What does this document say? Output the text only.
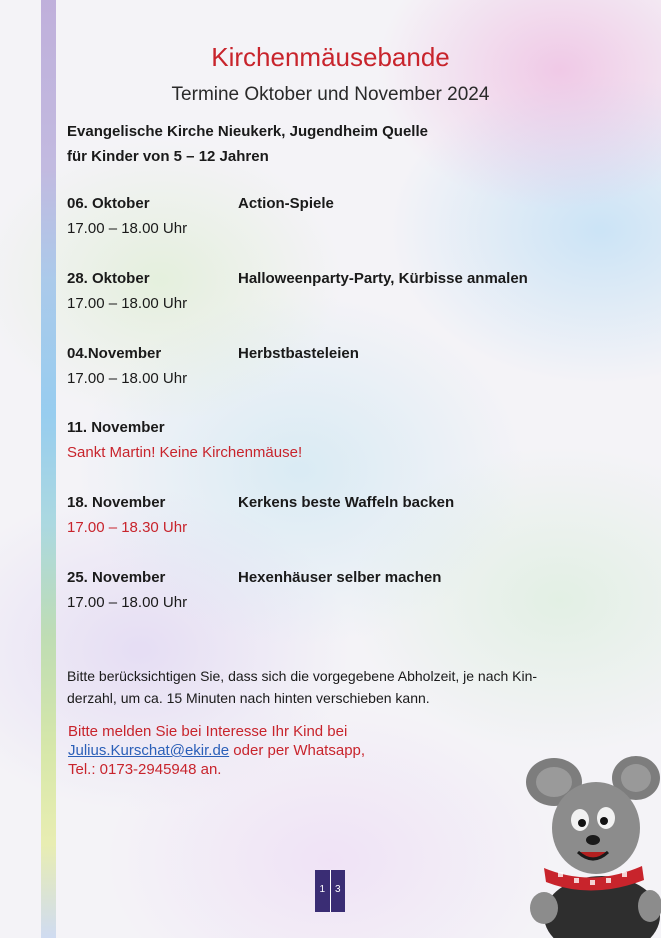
Kirchenmäusebande
Termine Oktober und November 2024
Evangelische Kirche Nieukerk, Jugendheim Quelle
für Kinder von 5 – 12 Jahren
06. Oktober	Action-Spiele
17.00 – 18.00 Uhr
28. Oktober	Halloweenparty-Party, Kürbisse anmalen
17.00 – 18.00 Uhr
04.November	Herbstbasteleien
17.00 – 18.00 Uhr
11. November
Sankt Martin! Keine Kirchenmäuse!
18. November	Kerkens beste Waffeln backen
17.00 – 18.30 Uhr
25. November	Hexenhäuser selber machen
17.00 – 18.00 Uhr

Bitte berücksichtigen Sie, dass sich die vorgegebene Abholzeit, je nach Kin-
derzahl, um ca. 15 Minuten nach hinten verschieben kann.

Bitte melden Sie bei Interesse Ihr Kind bei
Julius.Kurschat@ekir.de oder per Whatsapp,
Tel.: 0173-2945948 an.
1 3
